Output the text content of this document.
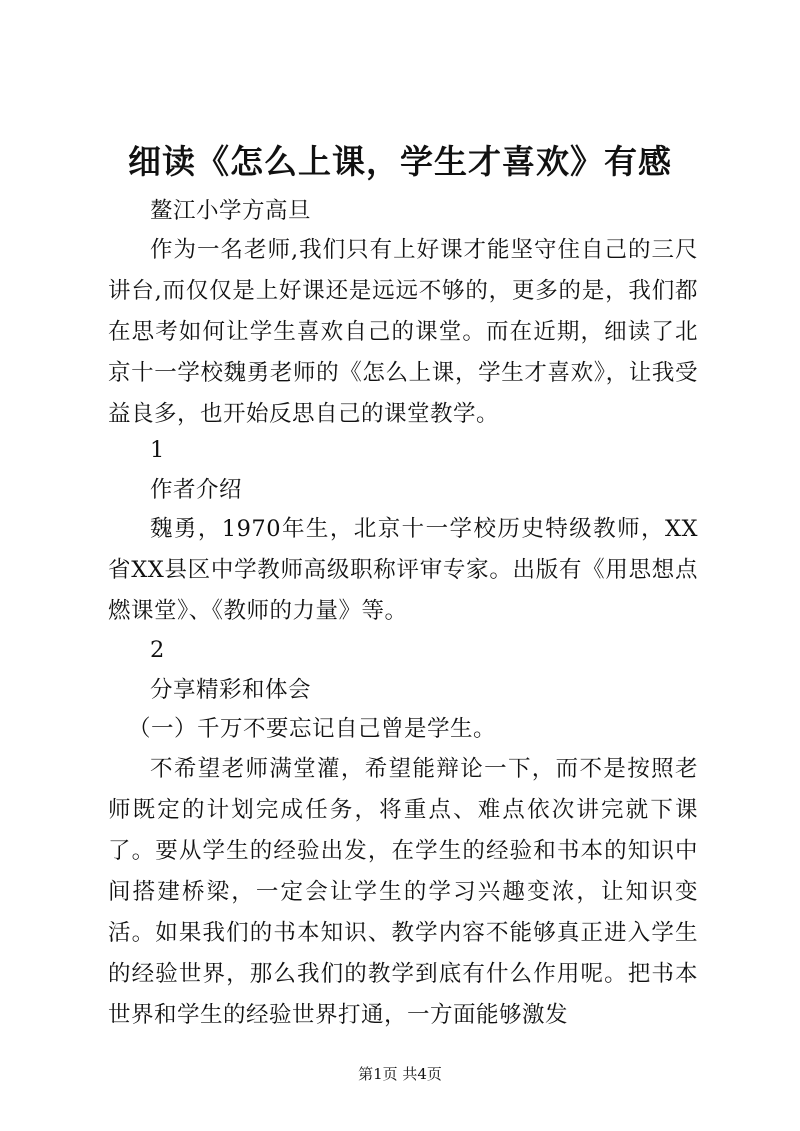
细读《怎么上课，学生才喜欢》有感

鳌江小学方高旦

作为一名老师,我们只有上好课才能坚守住自己的三尺讲台,而仅仅是上好课还是远远不够的，更多的是，我们都在思考如何让学生喜欢自己的课堂。而在近期，细读了北京十一学校魏勇老师的《怎么上课，学生才喜欢》，让我受益良多，也开始反思自己的课堂教学。

1

作者介绍

魏勇，1970年生，北京十一学校历史特级教师，XX省XX县区中学教师高级职称评审专家。出版有《用思想点燃课堂》、《教师的力量》等。

2

分享精彩和体会

（一）千万不要忘记自己曾是学生。

不希望老师满堂灌，希望能辩论一下，而不是按照老师既定的计划完成任务，将重点、难点依次讲完就下课了。要从学生的经验出发，在学生的经验和书本的知识中间搭建桥梁，一定会让学生的学习兴趣变浓，让知识变活。如果我们的书本知识、教学内容不能够真正进入学生的经验世界，那么我们的教学到底有什么作用呢。把书本世界和学生的经验世界打通，一方面能够激发

第1页 共4页
